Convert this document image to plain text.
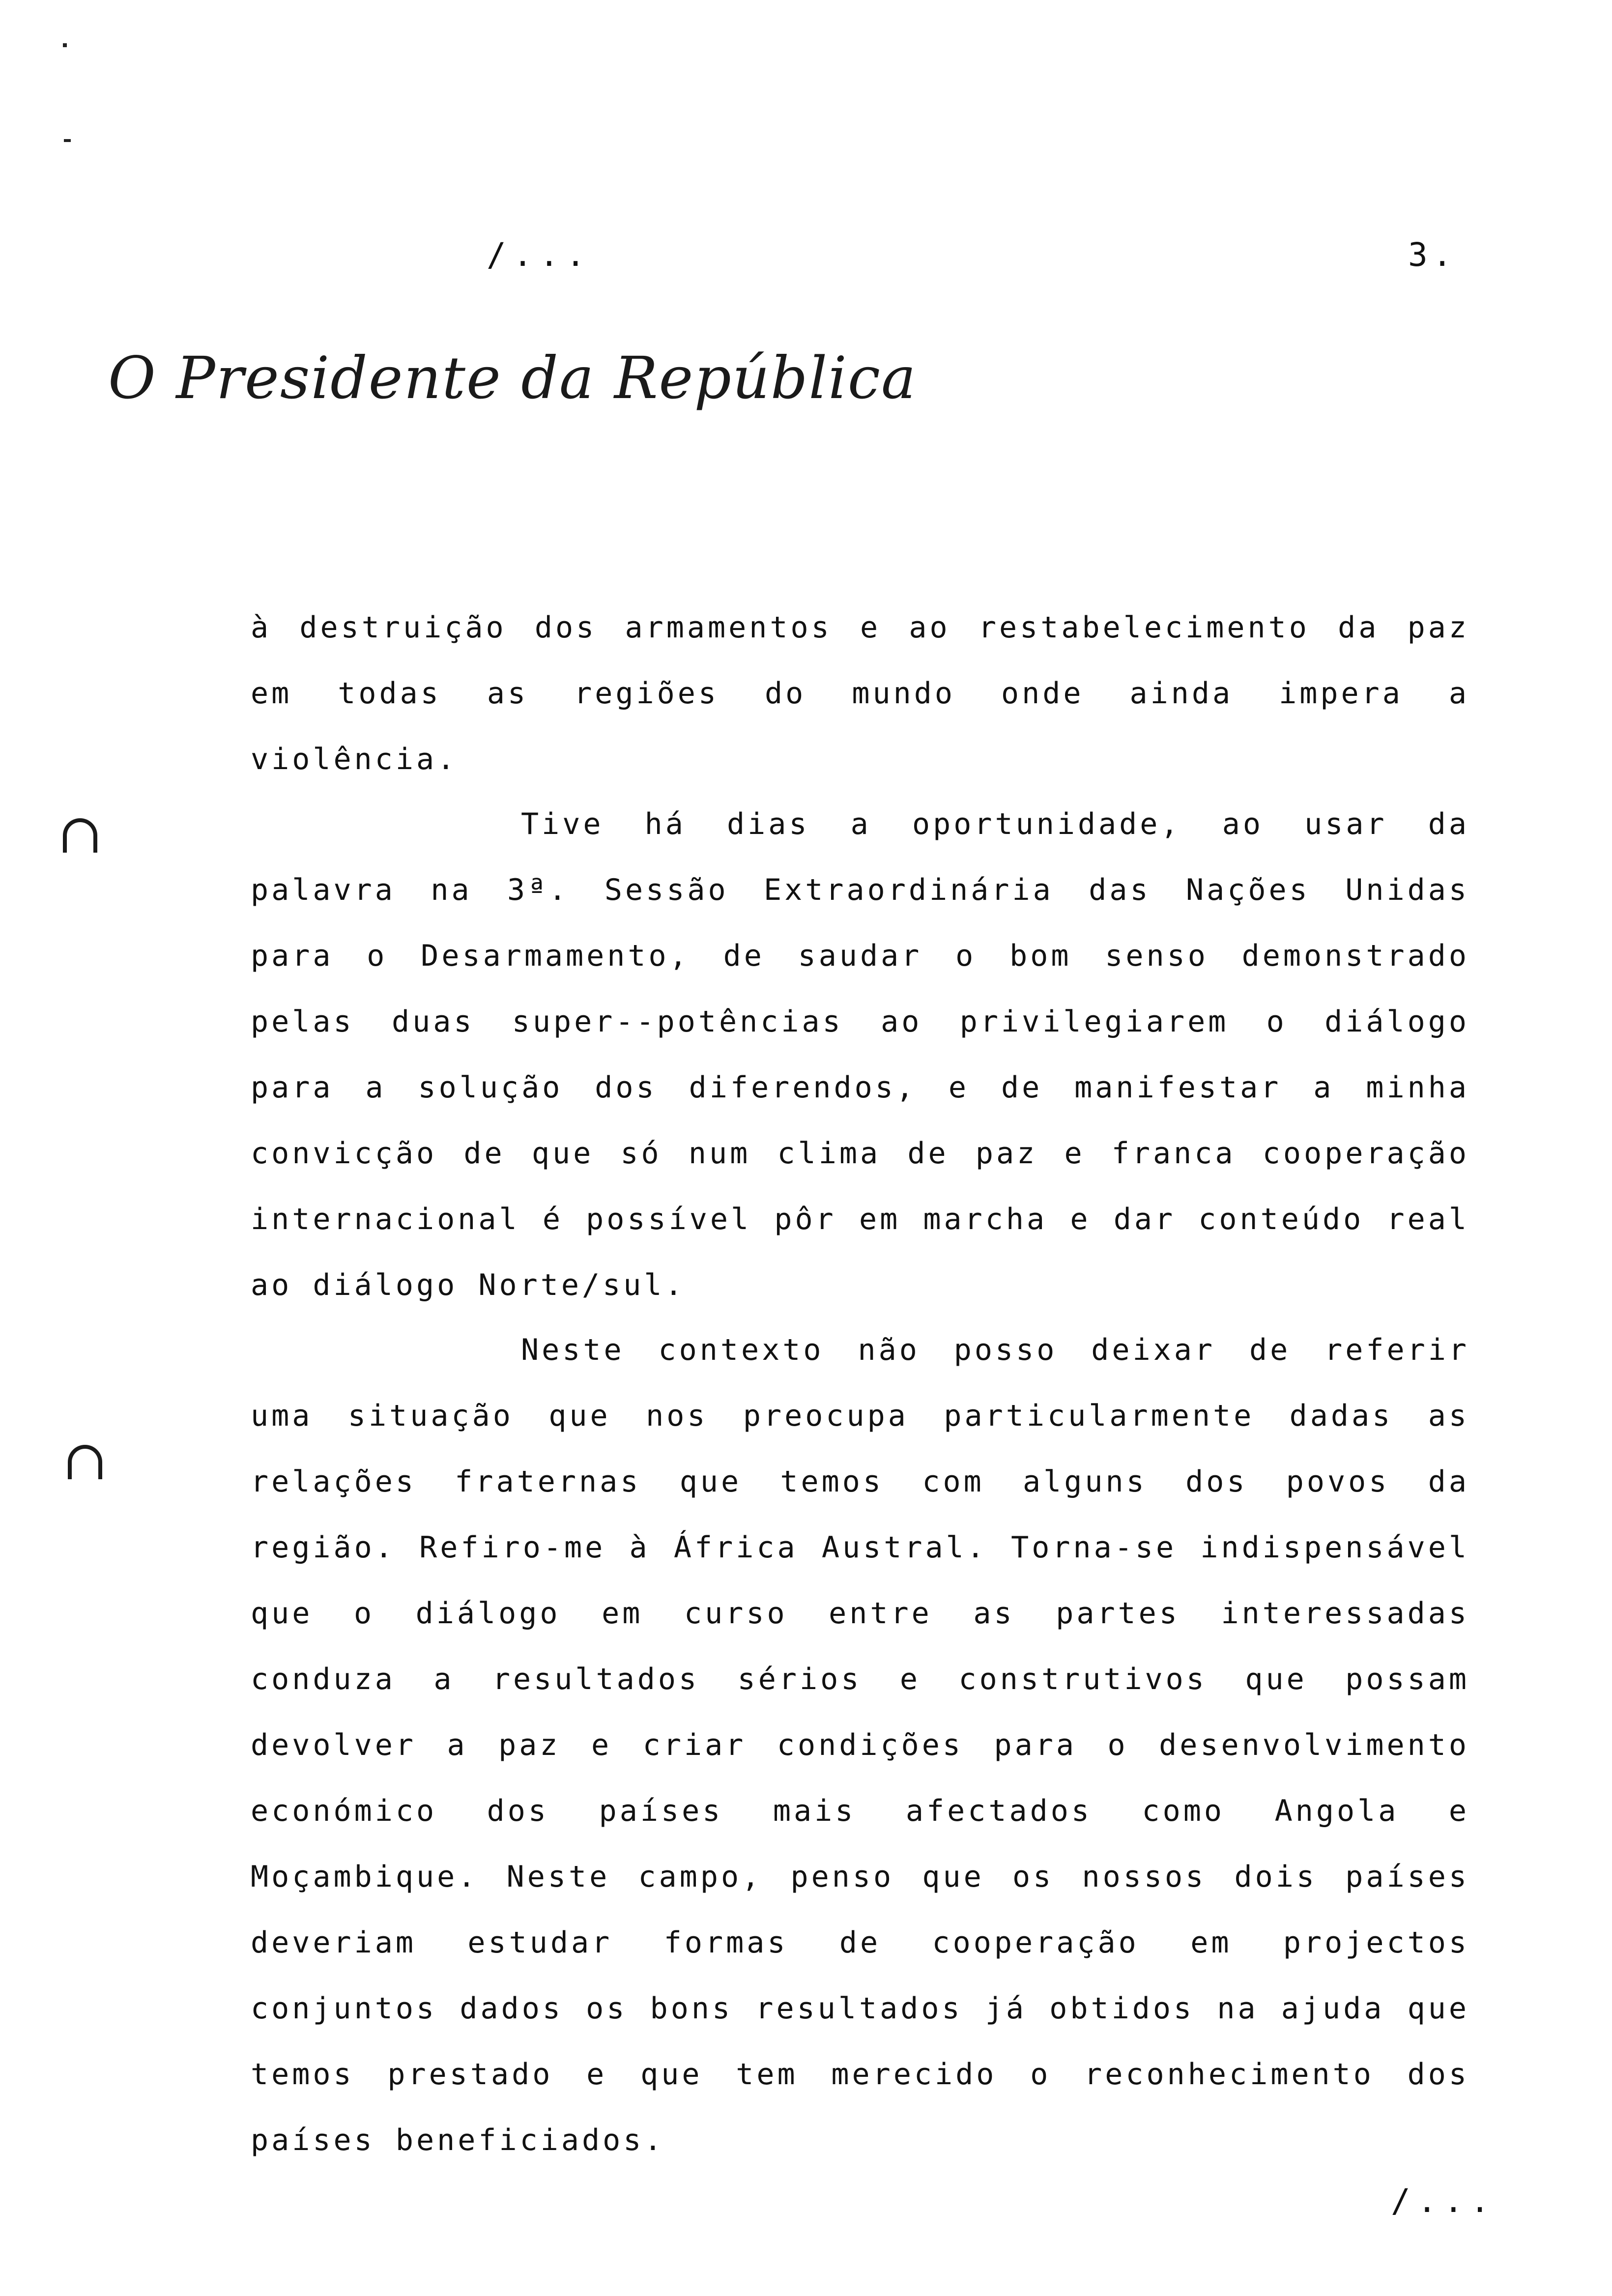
/...	3.
O Presidente da República

à destruição dos armamentos e ao restabelecimento da paz em todas as regiões do mundo onde ainda impera a violência.

Tive há dias a oportunidade, ao usar da palavra na 3ª. Sessão Extraordinária das Nações Unidas para o Desarmamento, de saudar o bom senso demonstrado pelas duas super--potências ao privilegiarem o diálogo para a solução dos diferendos, e de manifestar a minha convicção de que só num clima de paz e franca cooperação internacional é possível pôr em marcha e dar conteúdo real ao diálogo Norte/sul.

Neste contexto não posso deixar de referir uma situação que nos preocupa particularmente dadas as relações fraternas que temos com alguns dos povos da região. Refiro-me à África Austral. Torna-se indispensável que o diálogo em curso entre as partes interessadas conduza a resultados sérios e construtivos que possam devolver a paz e criar condições para o desenvolvimento económico dos países mais afectados como Angola e Moçambique. Neste campo, penso que os nossos dois países deveriam estudar formas de cooperação em projectos conjuntos dados os bons resultados já obtidos na ajuda que temos prestado e que tem merecido o reconhecimento dos países beneficiados.

/...
